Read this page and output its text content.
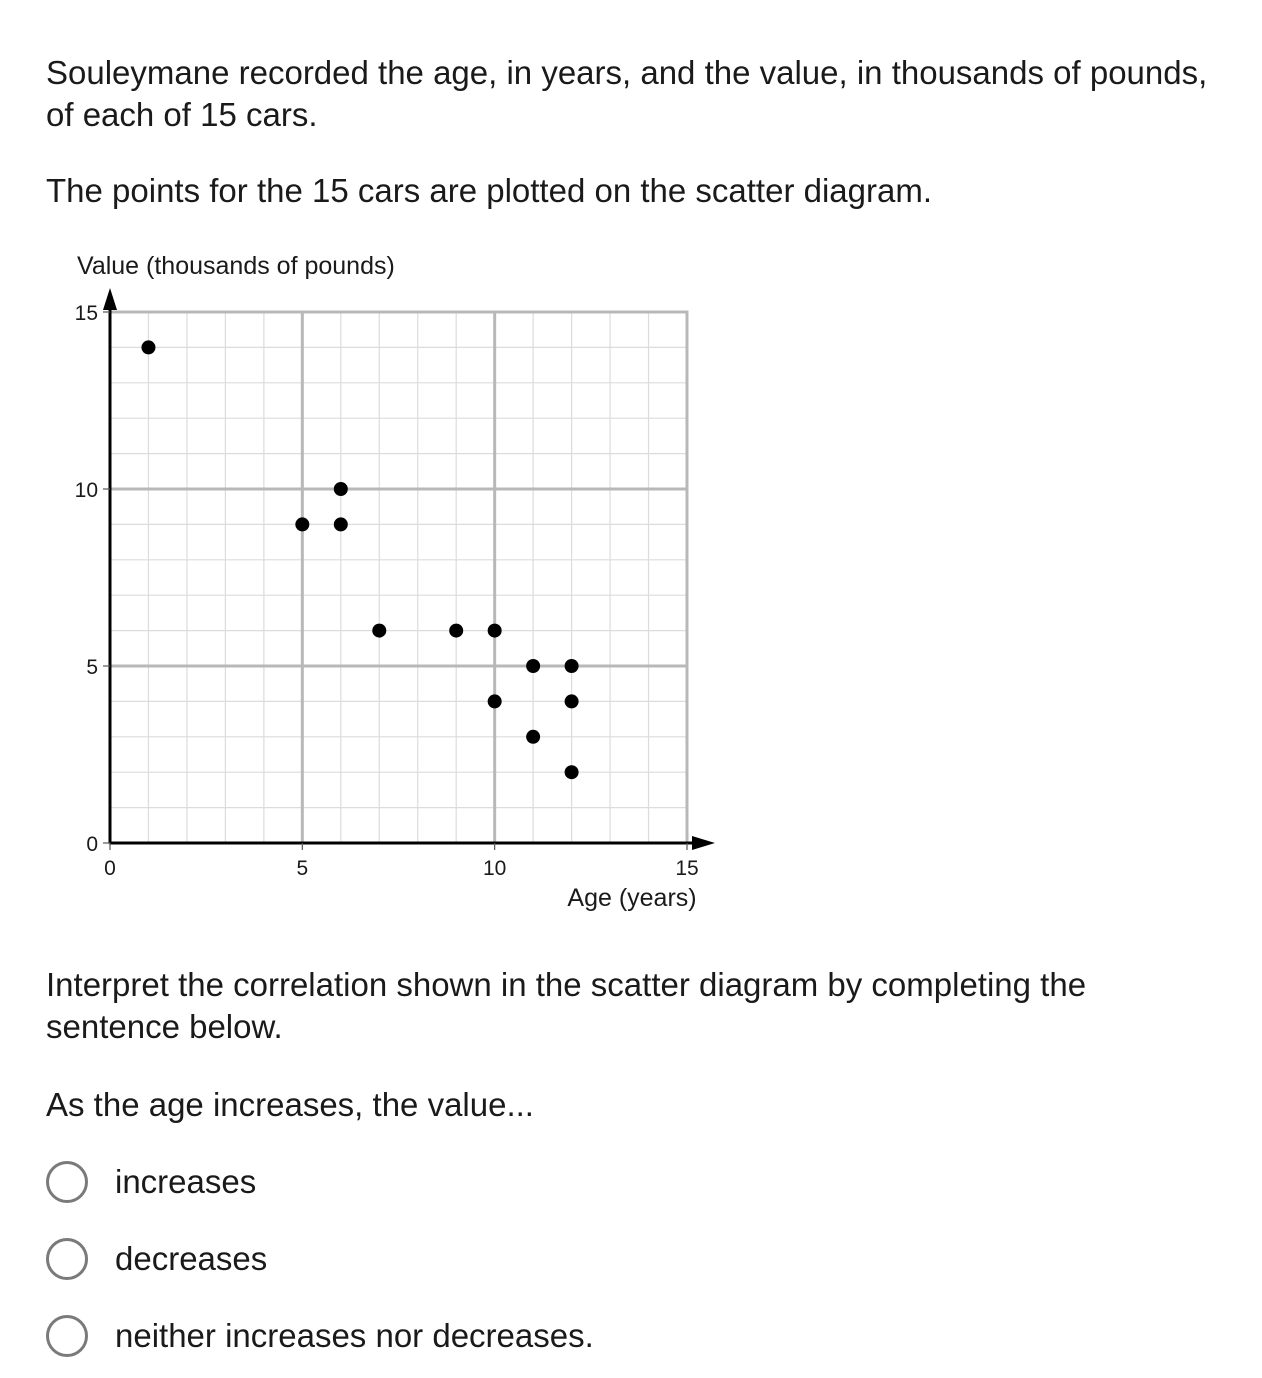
Souleymane recorded the age, in years, and the value, in thousands of pounds, of each of 15 cars.

The points for the 15 cars are plotted on the scatter diagram.

0	5	10	15
0
5
10
15
Value (thousands of pounds)
Age (years)

Interpret the correlation shown in the scatter diagram by completing the sentence below.

As the age increases, the value...

increases
decreases
neither increases nor decreases.
